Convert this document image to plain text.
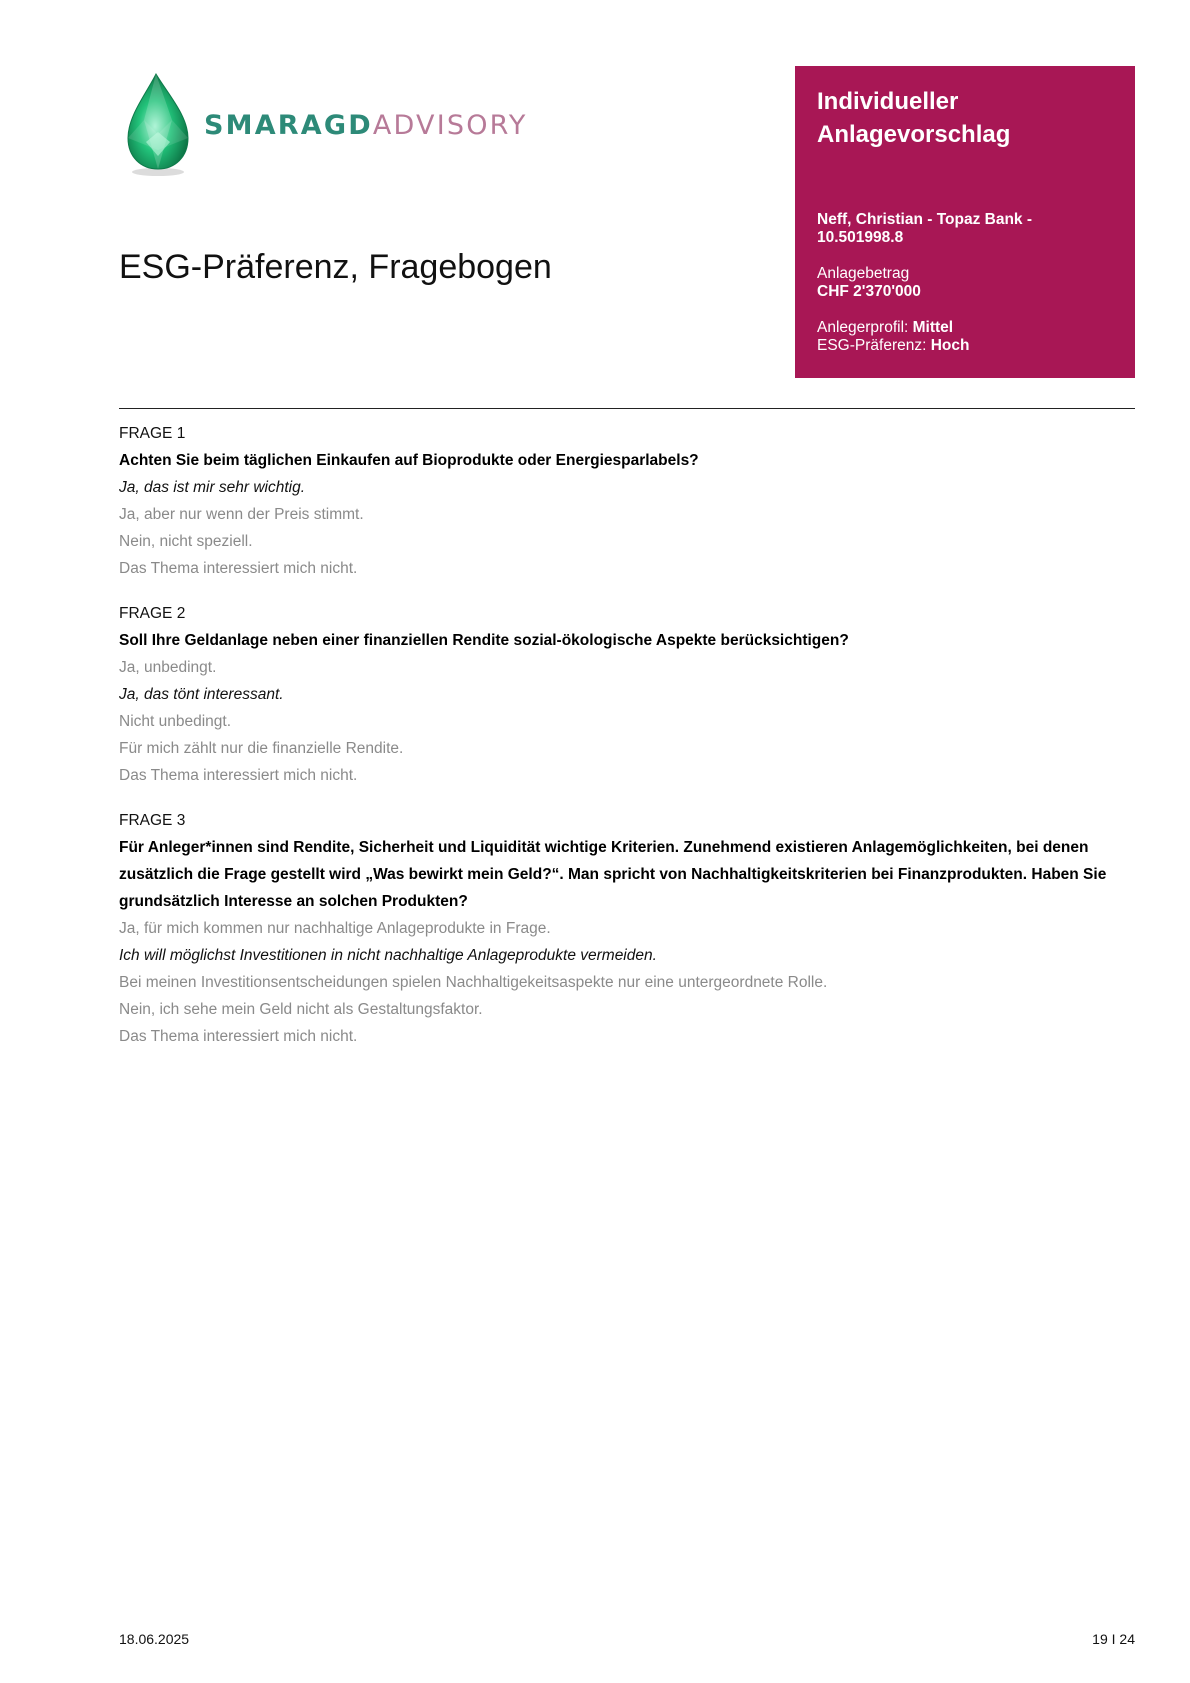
SMARAGDADVISORY
ESG-Präferenz, Fragebogen
Individueller
Anlagevorschlag
Neff, Christian - Topaz Bank -
10.501998.8
Anlagebetrag
CHF 2'370'000
Anlegerprofil: Mittel
ESG-Präferenz: Hoch
FRAGE 1
Achten Sie beim täglichen Einkaufen auf Bioprodukte oder Energiesparlabels?
Ja, das ist mir sehr wichtig.
Ja, aber nur wenn der Preis stimmt.
Nein, nicht speziell.
Das Thema interessiert mich nicht.
FRAGE 2
Soll Ihre Geldanlage neben einer finanziellen Rendite sozial-ökologische Aspekte berücksichtigen?
Ja, unbedingt.
Ja, das tönt interessant.
Nicht unbedingt.
Für mich zählt nur die finanzielle Rendite.
Das Thema interessiert mich nicht.
FRAGE 3
Für Anleger*innen sind Rendite, Sicherheit und Liquidität wichtige Kriterien. Zunehmend existieren Anlagemöglichkeiten, bei denen zusätzlich die Frage gestellt wird „Was bewirkt mein Geld?“. Man spricht von Nachhaltigkeitskriterien bei Finanzprodukten. Haben Sie grundsätzlich Interesse an solchen Produkten?
Ja, für mich kommen nur nachhaltige Anlageprodukte in Frage.
Ich will möglichst Investitionen in nicht nachhaltige Anlageprodukte vermeiden.
Bei meinen Investitionsentscheidungen spielen Nachhaltigekeitsaspekte nur eine untergeordnete Rolle.
Nein, ich sehe mein Geld nicht als Gestaltungsfaktor.
Das Thema interessiert mich nicht.
18.06.2025	19 I 24
